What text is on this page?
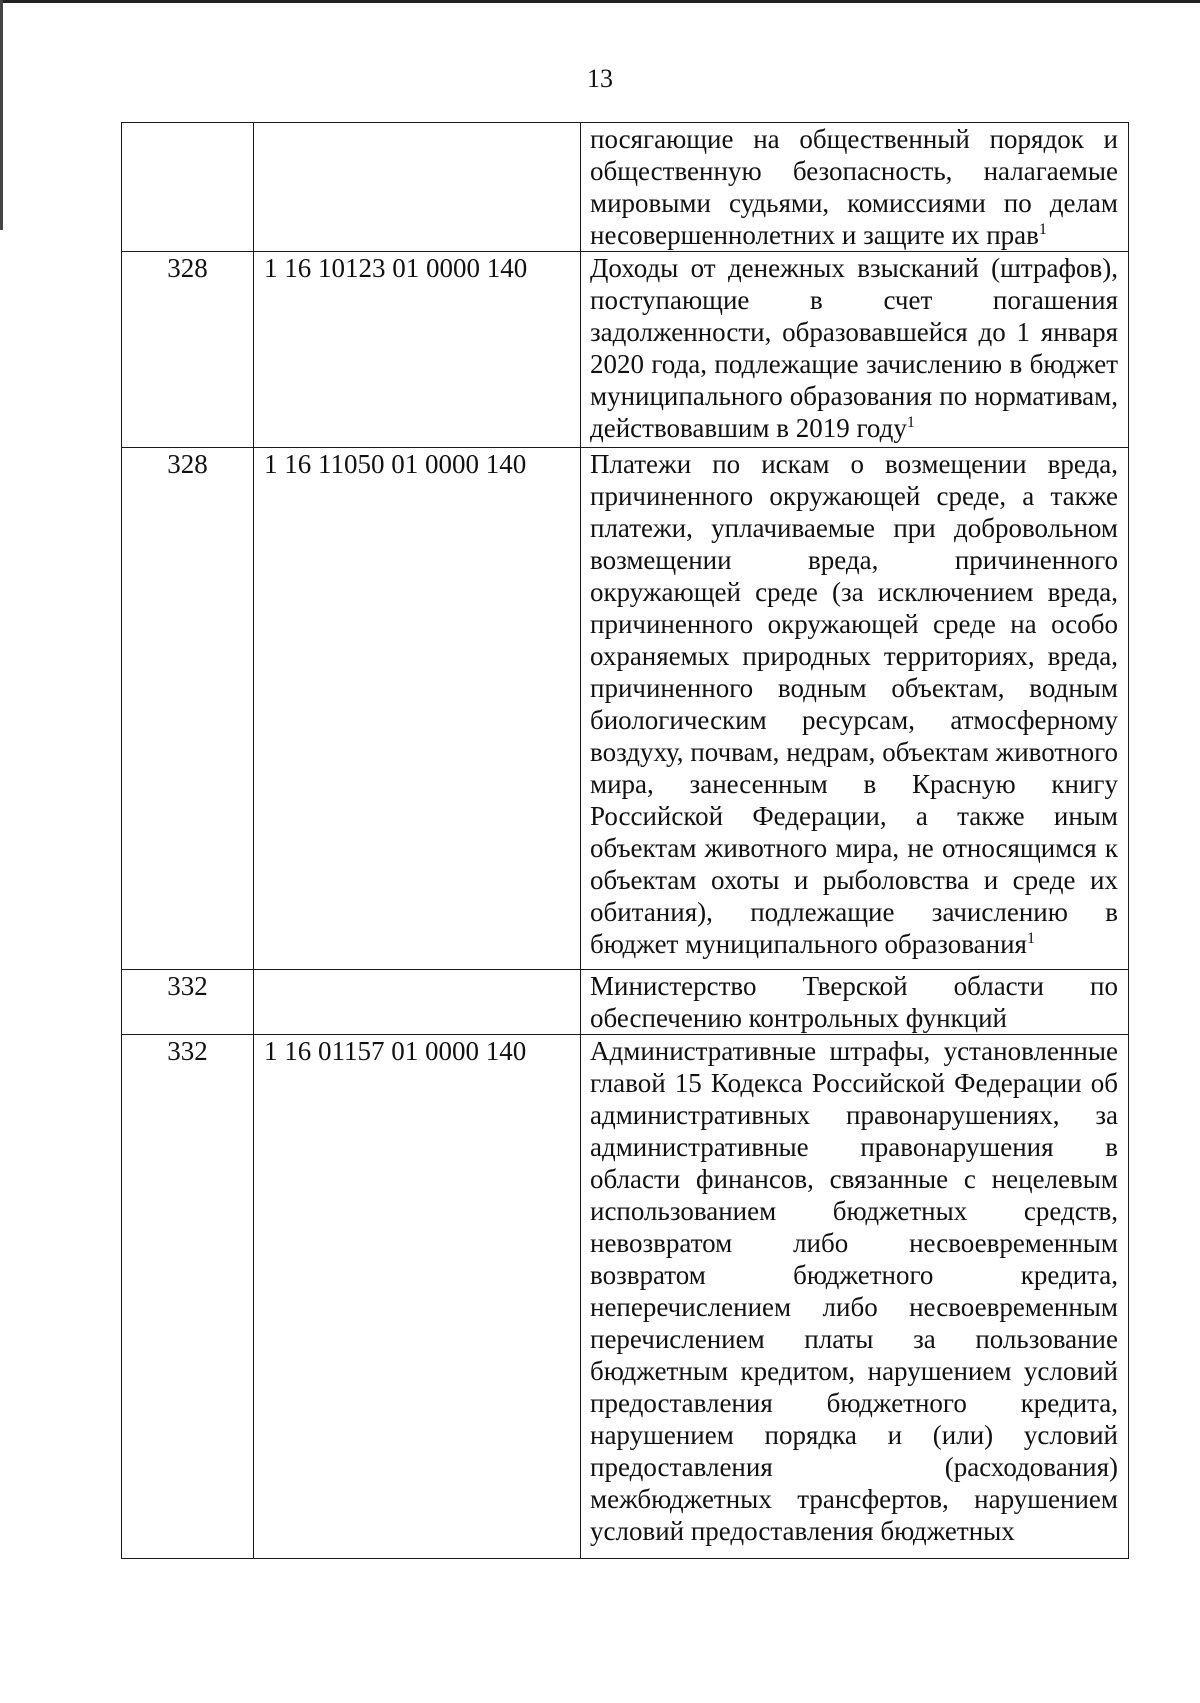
13
		посягающие на общественный порядок и общественную безопасность, налагаемые мировыми судьями, комиссиями по делам несовершеннолетних и защите их прав$^1$
328	1 16 10123 01 0000 140	Доходы от денежных взысканий (штрафов), поступающие в счет погашения задолженности, образовавшейся до 1 января 2020 года, подлежащие зачислению в бюджет муниципального образования по нормативам, действовавшим в 2019 году$^1$
328	1 16 11050 01 0000 140	Платежи по искам о возмещении вреда, причиненного окружающей среде, а также платежи, уплачиваемые при добровольном возмещении вреда, причиненного окружающей среде (за исключением вреда, причиненного окружающей среде на особо охраняемых природных территориях, вреда, причиненного водным объектам, водным биологическим ресурсам, атмосферному воздуху, почвам, недрам, объектам животного мира, занесенным в Красную книгу Российской Федерации, а также иным объектам животного мира, не относящимся к объектам охоты и рыболовства и среде их обитания), подлежащие зачислению в бюджет муниципального образования$^1$
332		Министерство Тверской области по обеспечению контрольных функций
332	1 16 01157 01 0000 140	Административные штрафы, установленные главой 15 Кодекса Российской Федерации об административных правонарушениях, за административные правонарушения в области финансов, связанные с нецелевым использованием бюджетных средств, невозвратом либо несвоевременным возвратом бюджетного кредита, неперечислением либо несвоевременным перечислением платы за пользование бюджетным кредитом, нарушением условий предоставления бюджетного кредита, нарушением порядка и (или) условий предоставления (расходования) межбюджетных трансфертов, нарушением условий предоставления бюджетных
